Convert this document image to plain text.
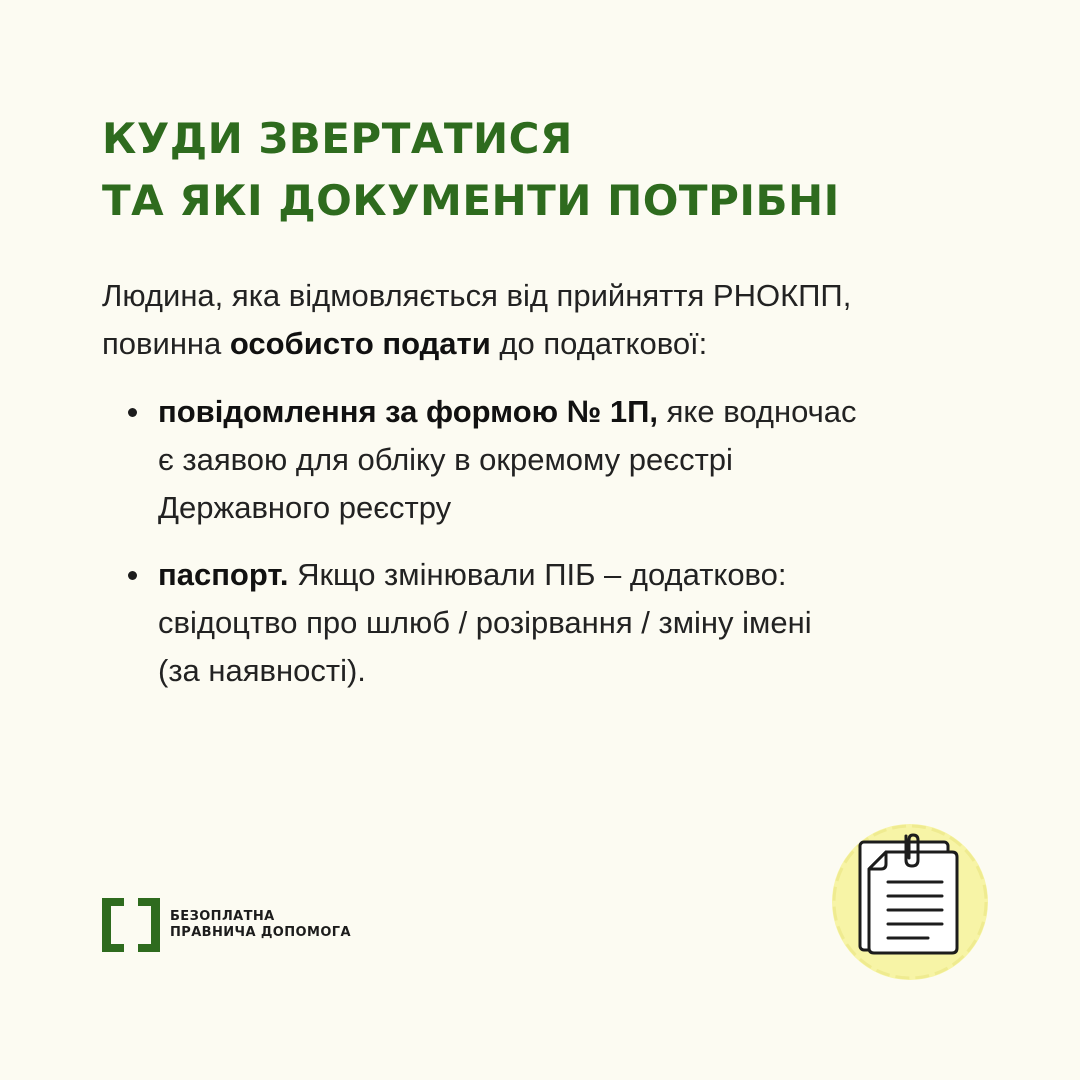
КУДИ ЗВЕРТАТИСЯ
ТА ЯКІ ДОКУМЕНТИ ПОТРІБНІ

Людина, яка відмовляється від прийняття РНОКПП,
повинна особисто подати до податкової:

повідомлення за формою № 1П, яке водночас
є заявою для обліку в окремому реєстрі
Державного реєстру
паспорт. Якщо змінювали ПІБ – додатково:
свідоцтво про шлюб / розірвання / зміну імені
(за наявності).
БЕЗОПЛАТНА
ПРАВНИЧА ДОПОМОГА
